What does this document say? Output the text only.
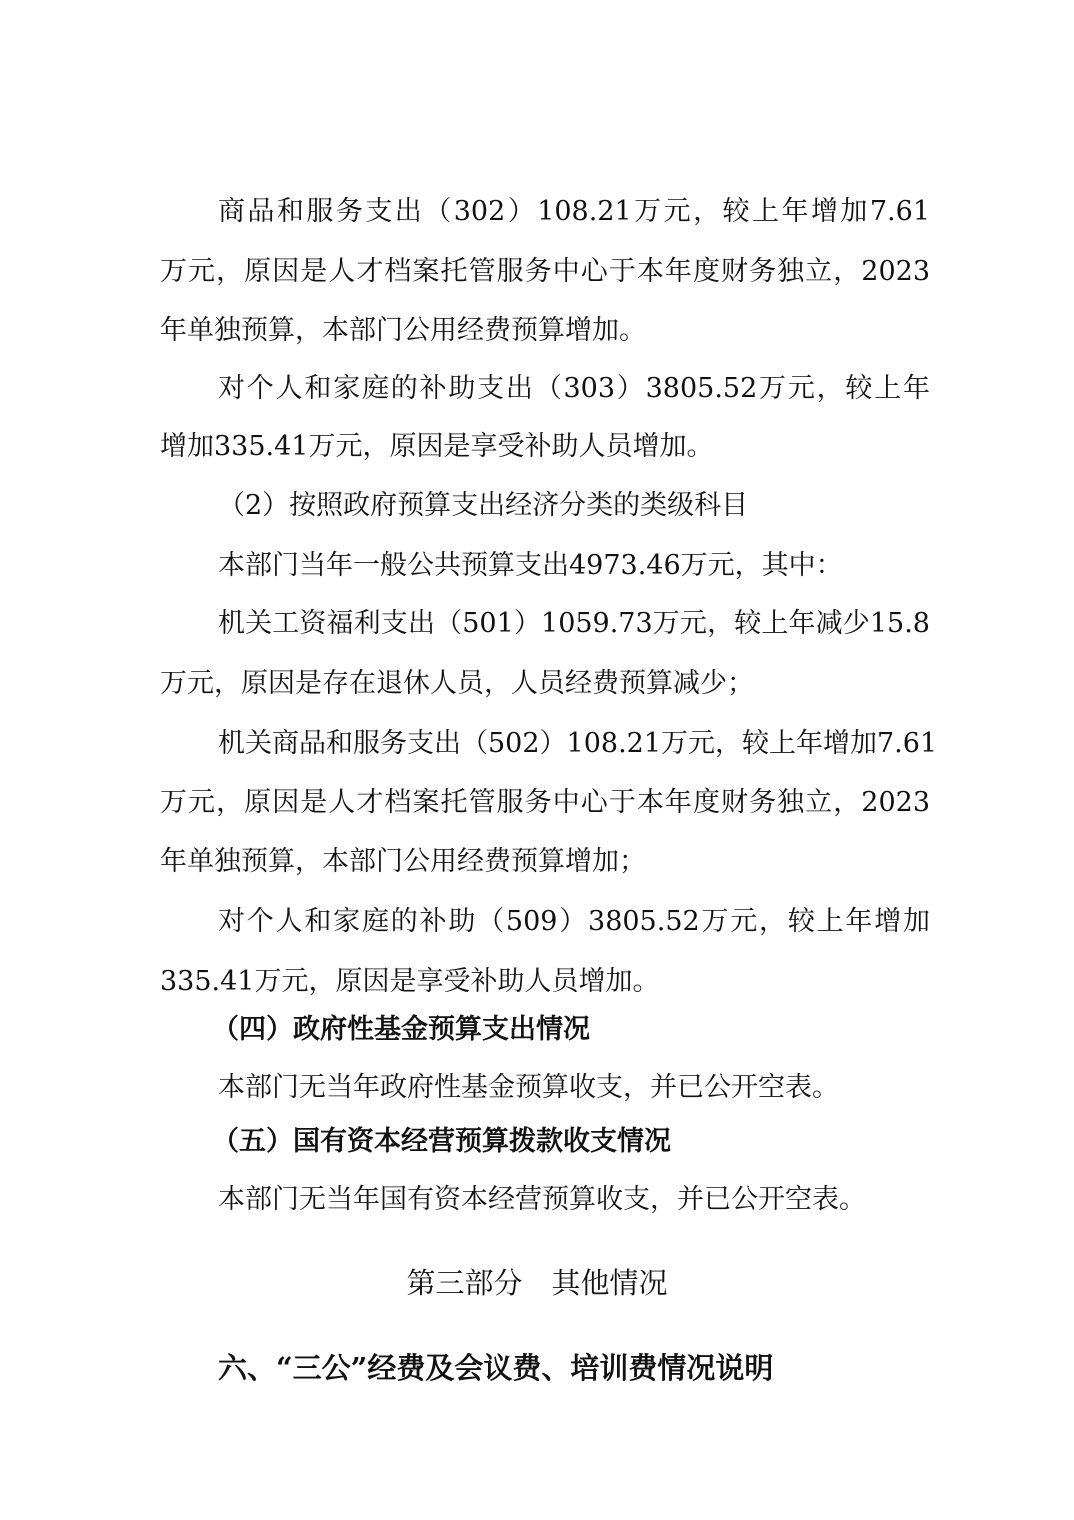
商品和服务支出（302）108.21万元，较上年增加7.61
万元，原因是人才档案托管服务中心于本年度财务独立，2023
年单独预算，本部门公用经费预算增加。
对个人和家庭的补助支出（303）3805.52万元，较上年
增加335.41万元，原因是享受补助人员增加。
（2）按照政府预算支出经济分类的类级科目
本部门当年一般公共预算支出4973.46万元，其中：
机关工资福利支出（501）1059.73万元，较上年减少15.8
万元，原因是存在退休人员，人员经费预算减少；
机关商品和服务支出（502）108.21万元，较上年增加7.61
万元，原因是人才档案托管服务中心于本年度财务独立，2023
年单独预算，本部门公用经费预算增加；
对个人和家庭的补助（509）3805.52万元，较上年增加
335.41万元，原因是享受补助人员增加。
（四）政府性基金预算支出情况
本部门无当年政府性基金预算收支，并已公开空表。
（五）国有资本经营预算拨款收支情况
本部门无当年国有资本经营预算收支，并已公开空表。
第三部分　其他情况
六、“三公”经费及会议费、培训费情况说明
